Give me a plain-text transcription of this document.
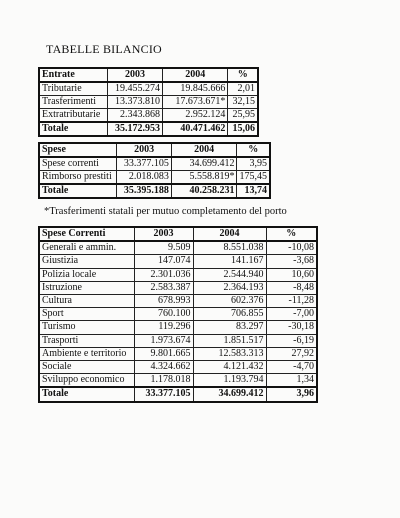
TABELLE BILANCIO
Entrate	2003	2004	%
Tributarie	19.455.274	19.845.666	2,01
Trasferimenti	13.373.810	17.673.671*	32,15
Extratributarie	2.343.868	2.952.124	25,95
Totale	35.172.953	40.471.462	15,06
Spese	2003	2004	%
Spese correnti	33.377.105	34.699.412	3,95
Rimborso prestiti	2.018.083	5.558.819*	175,45
Totale	35.395.188	40.258.231	13,74
*Trasferimenti statali per mutuo completamento del porto
Spese Correnti	2003	2004	%
Generali e ammin.	9.509	8.551.038	-10,08
Giustizia	147.074	141.167	-3,68
Polizia locale	2.301.036	2.544.940	10,60
Istruzione	2.583.387	2.364.193	-8,48
Cultura	678.993	602.376	-11,28
Sport	760.100	706.855	-7,00
Turismo	119.296	83.297	-30,18
Trasporti	1.973.674	1.851.517	-6,19
Ambiente e territorio	9.801.665	12.583.313	27,92
Sociale	4.324.662	4.121.432	-4,70
Sviluppo economico	1.178.018	1.193.794	1,34
Totale	33.377.105	34.699.412	3,96
